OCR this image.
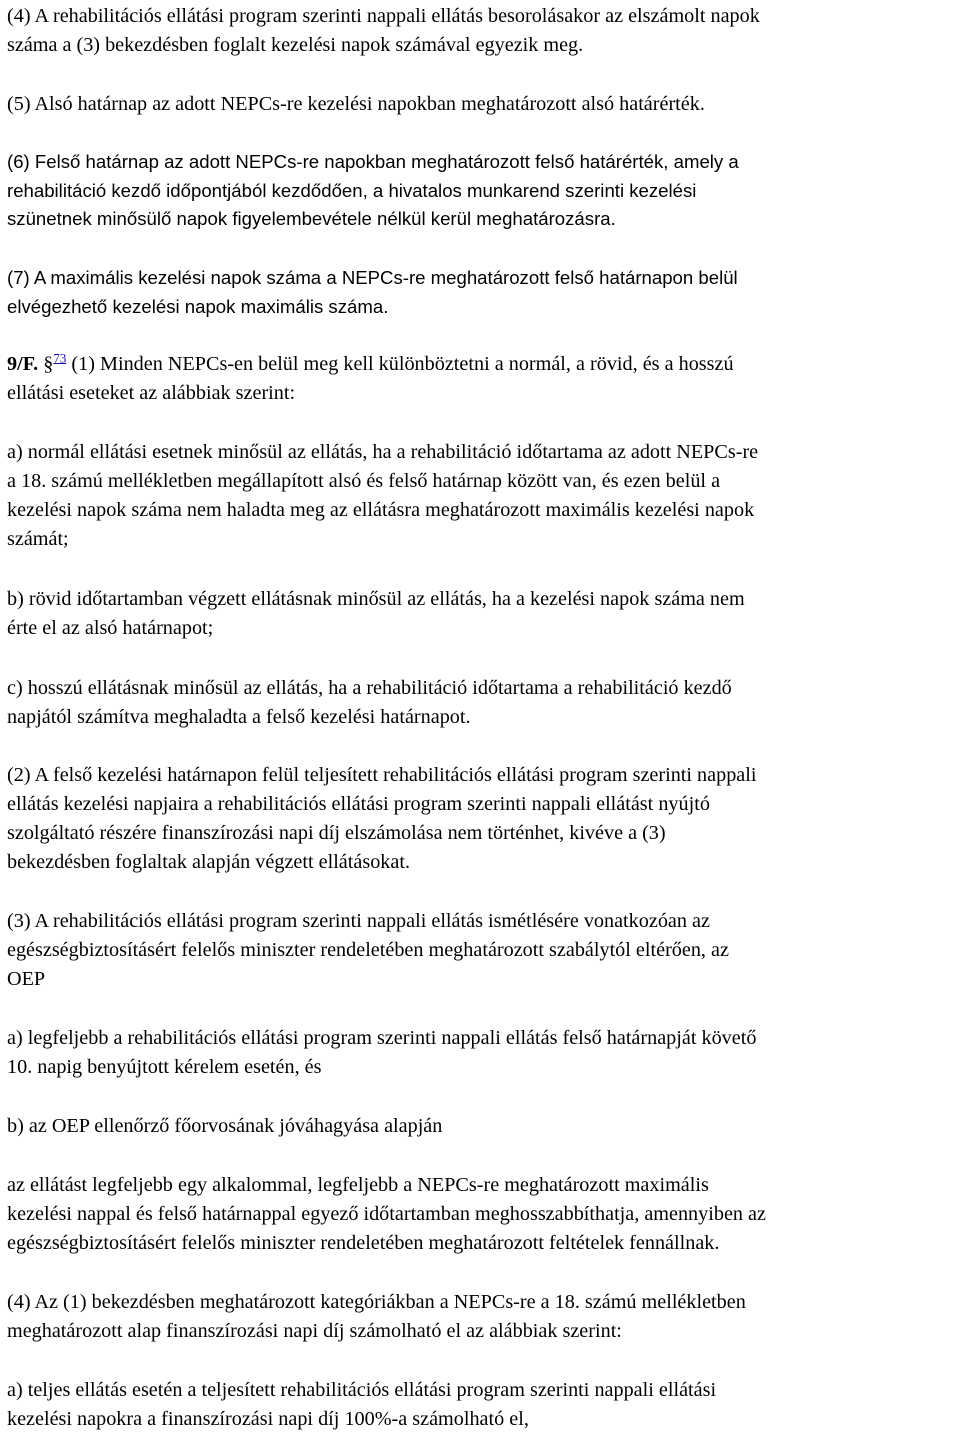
(4) A rehabilitációs ellátási program szerinti nappali ellátás besorolásakor az elszámolt napok
száma a (3) bekezdésben foglalt kezelési napok számával egyezik meg.
(5) Alsó határnap az adott NEPCs-re kezelési napokban meghatározott alsó határérték.
(6) Felső határnap az adott NEPCs-re napokban meghatározott felső határérték, amely a
rehabilitáció kezdő időpontjából kezdődően, a hivatalos munkarend szerinti kezelési
szünetnek minősülő napok figyelembevétele nélkül kerül meghatározásra.
(7) A maximális kezelési napok száma a NEPCs-re meghatározott felső határnapon belül
elvégezhető kezelési napok maximális száma.
9/F. §$^{73}$ (1) Minden NEPCs-en belül meg kell különböztetni a normál, a rövid, és a hosszú
ellátási eseteket az alábbiak szerint:
a) normál ellátási esetnek minősül az ellátás, ha a rehabilitáció időtartama az adott NEPCs-re
a 18. számú mellékletben megállapított alsó és felső határnap között van, és ezen belül a
kezelési napok száma nem haladta meg az ellátásra meghatározott maximális kezelési napok
számát;
b) rövid időtartamban végzett ellátásnak minősül az ellátás, ha a kezelési napok száma nem
érte el az alsó határnapot;
c) hosszú ellátásnak minősül az ellátás, ha a rehabilitáció időtartama a rehabilitáció kezdő
napjától számítva meghaladta a felső kezelési határnapot.
(2) A felső kezelési határnapon felül teljesített rehabilitációs ellátási program szerinti nappali
ellátás kezelési napjaira a rehabilitációs ellátási program szerinti nappali ellátást nyújtó
szolgáltató részére finanszírozási napi díj elszámolása nem történhet, kivéve a (3)
bekezdésben foglaltak alapján végzett ellátásokat.
(3) A rehabilitációs ellátási program szerinti nappali ellátás ismétlésére vonatkozóan az
egészségbiztosításért felelős miniszter rendeletében meghatározott szabálytól eltérően, az
OEP
a) legfeljebb a rehabilitációs ellátási program szerinti nappali ellátás felső határnapját követő
10. napig benyújtott kérelem esetén, és
b) az OEP ellenőrző főorvosának jóváhagyása alapján
az ellátást legfeljebb egy alkalommal, legfeljebb a NEPCs-re meghatározott maximális
kezelési nappal és felső határnappal egyező időtartamban meghosszabbíthatja, amennyiben az
egészségbiztosításért felelős miniszter rendeletében meghatározott feltételek fennállnak.
(4) Az (1) bekezdésben meghatározott kategóriákban a NEPCs-re a 18. számú mellékletben
meghatározott alap finanszírozási napi díj számolható el az alábbiak szerint:
a) teljes ellátás esetén a teljesített rehabilitációs ellátási program szerinti nappali ellátási
kezelési napokra a finanszírozási napi díj 100%-a számolható el,
